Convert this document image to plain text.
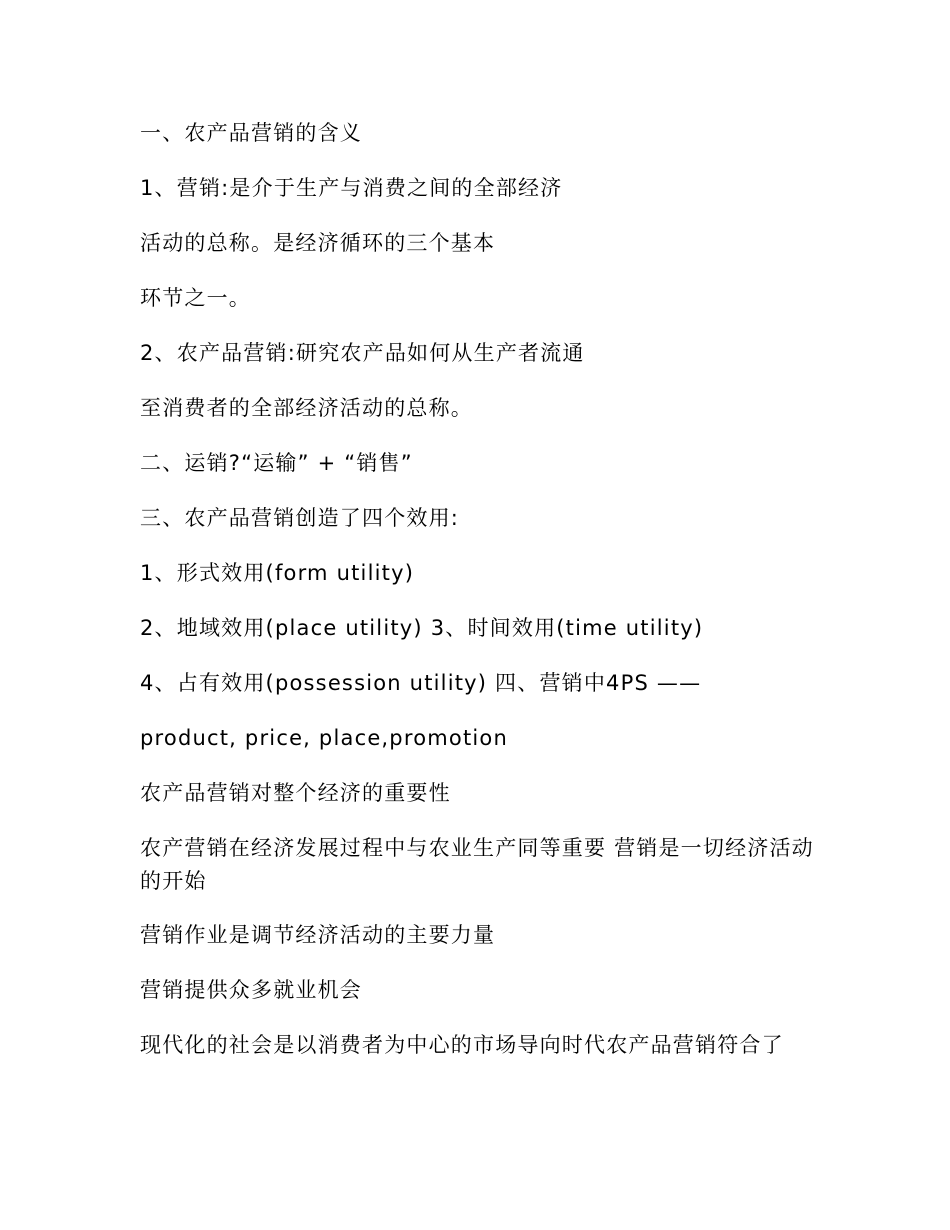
一、农产品营销的含义

1、营销:是介于生产与消费之间的全部经济

活动的总称。是经济循环的三个基本

环节之一。

2、农产品营销:研究农产品如何从生产者流通

至消费者的全部经济活动的总称。

二、运销?“运输” + “销售”

三、农产品营销创造了四个效用:

1、形式效用(form utility)

2、地域效用(place utility) 3、时间效用(time utility)

4、占有效用(possession utility) 四、营销中4PS ——

product, price, place,promotion

农产品营销对整个经济的重要性

农产营销在经济发展过程中与农业生产同等重要 营销是一切经济活动的开始

营销作业是调节经济活动的主要力量

营销提供众多就业机会

现代化的社会是以消费者为中心的市场导向时代农产品营销符合了
